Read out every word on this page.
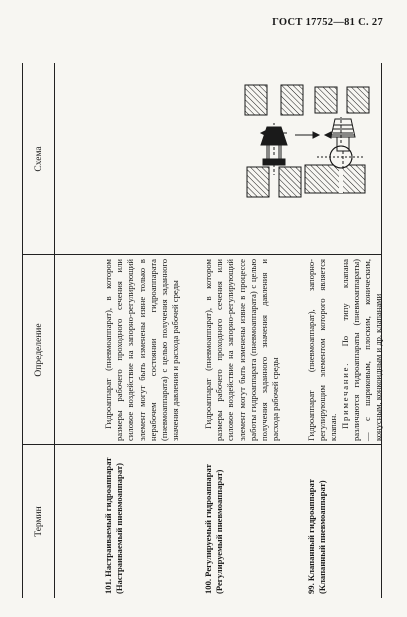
ГОСТ 17752—81 С. 27
Термин
Определение
Схема
99. Клапанный гидроаппарат (Клапанный пневмоаппарат)
Гидроаппарат (пневмоаппарат), запорно-регулирующим элементом которого является клапан. Примечание. По типу клапана различаются гидроаппараты (пневмоаппараты) — с шариковым, плоским, коническим, конусным, конкоидным и др. клапанами
100. Регулируемый гидроаппарат (Регулируемый пневмоаппарат)
Гидроаппарат (пневмоаппарат), в котором размеры рабочего проходного сечения или силовое воздействие на запорно-регулирующий элемент могут быть изменены извне в процессе работы гидроаппарата (пневмоаппарата) с целью получения заданного значения давления и расхода рабочей среды
101. Настраиваемый гидроаппарат (Настраиваемый пневмоаппарат)
Гидроаппарат (пневмоаппарат), в котором размеры рабочего проходного сечения или силовое воздействие на запорно-регулирующий элемент могут быть изменены извне только в нерабочем состоянии гидроаппарата (пневмоаппарата) с целью получения заданного значения давления и расхода рабочей среды
